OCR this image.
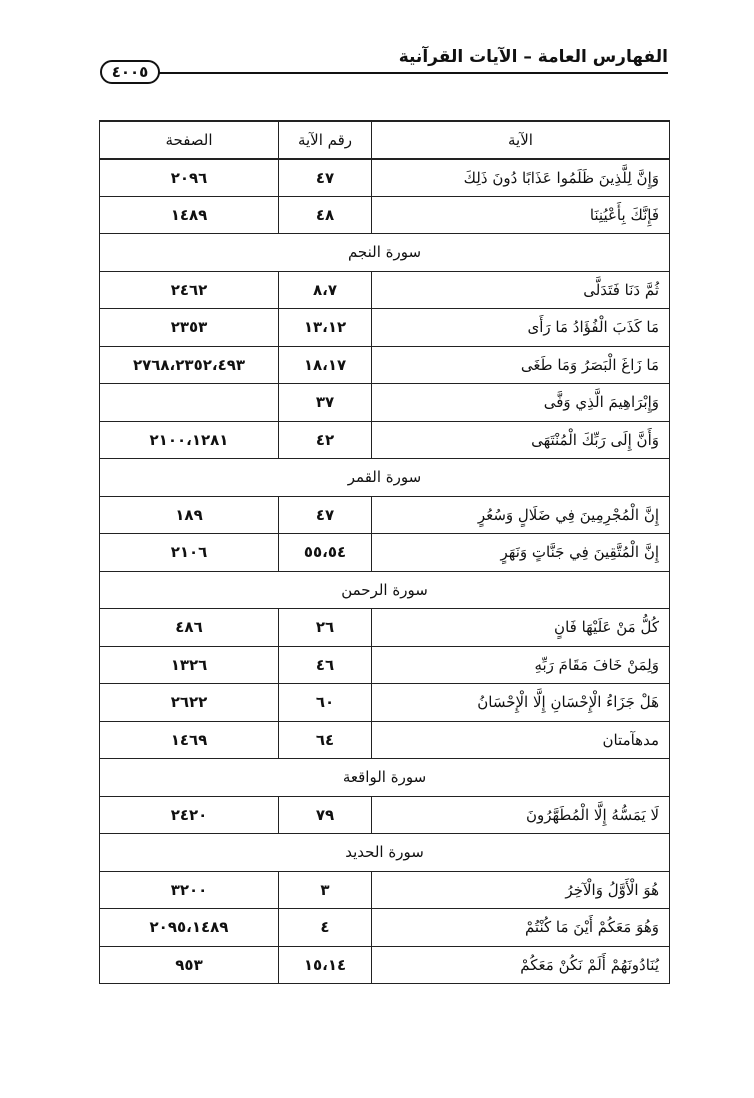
الفهارس العامة – الآيات القرآنية
٤٠٠٥
الآية	رقم الآية	الصفحة
وَإِنَّ لِلَّذِينَ ظَلَمُوا عَذَابًا دُونَ ذَلِكَ	٤٧	٢٠٩٦
فَإِنَّكَ بِأَعْيُنِنَا	٤٨	١٤٨٩
سورة النجم		
ثُمَّ دَنَا فَتَدَلَّى	٨،٧	٢٤٦٢
مَا كَذَبَ الْفُؤَادُ مَا رَأَى	١٣،١٢	٢٣٥٣
مَا زَاغَ الْبَصَرُ وَمَا طَغَى	١٨،١٧	٢٧٦٨،٢٣٥٢،٤٩٣
وَإِبْرَاهِيمَ الَّذِي وَفَّى	٣٧	
وَأَنَّ إِلَى رَبِّكَ الْمُنْتَهَى	٤٢	٢١٠٠،١٢٨١
سورة القمر		
إِنَّ الْمُجْرِمِينَ فِي ضَلَالٍ وَسُعُرٍ	٤٧	١٨٩
إِنَّ الْمُتَّقِينَ فِي جَنَّاتٍ وَنَهَرٍ	٥٥،٥٤	٢١٠٦
سورة الرحمن		
كُلُّ مَنْ عَلَيْهَا فَانٍ	٢٦	٤٨٦
وَلِمَنْ خَافَ مَقَامَ رَبِّهِ	٤٦	١٣٢٦
هَلْ جَزَاءُ الْإِحْسَانِ إِلَّا الْإِحْسَانُ	٦٠	٢٦٢٢
مدهآمتان	٦٤	١٤٦٩
سورة الواقعة		
لَا يَمَسُّهُ إِلَّا الْمُطَهَّرُونَ	٧٩	٢٤٢٠
سورة الحديد		
هُوَ الْأَوَّلُ وَالْآخِرُ	٣	٣٢٠٠
وَهُوَ مَعَكُمْ أَيْنَ مَا كُنْتُمْ	٤	٢٠٩٥،١٤٨٩
يُنَادُونَهُمْ أَلَمْ نَكُنْ مَعَكُمْ	١٥،١٤	٩٥٣
